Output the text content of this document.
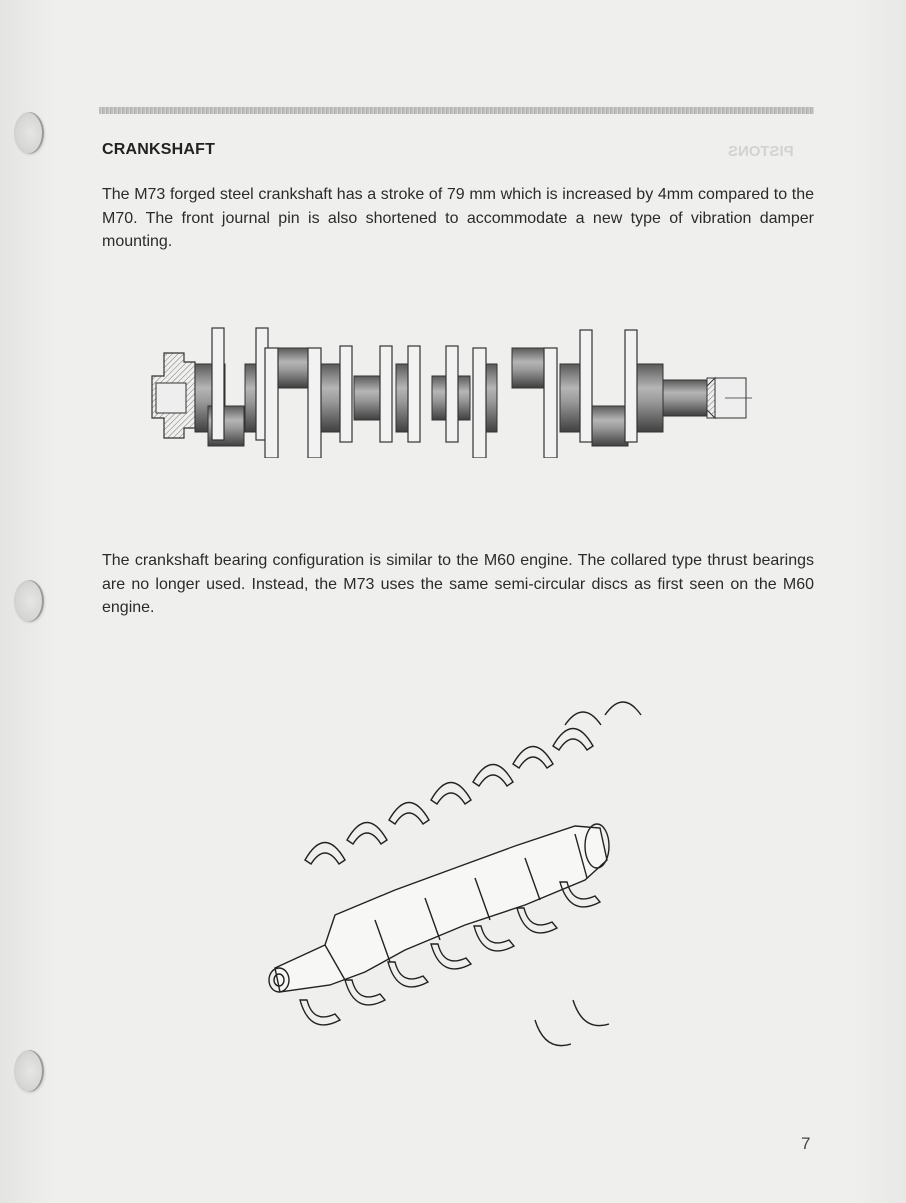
PISTONS
CRANKSHAFT

The M73 forged steel crankshaft has a stroke of 79 mm which is increased by 4mm compared to the M70. The front journal pin is also shortened to accommodate a new type of vibration damper mounting.

The crankshaft bearing configuration is similar to the M60 engine. The collared type thrust bearings are no longer used. Instead, the M73 uses the same semi-circular discs as first seen on the M60 engine.

7
